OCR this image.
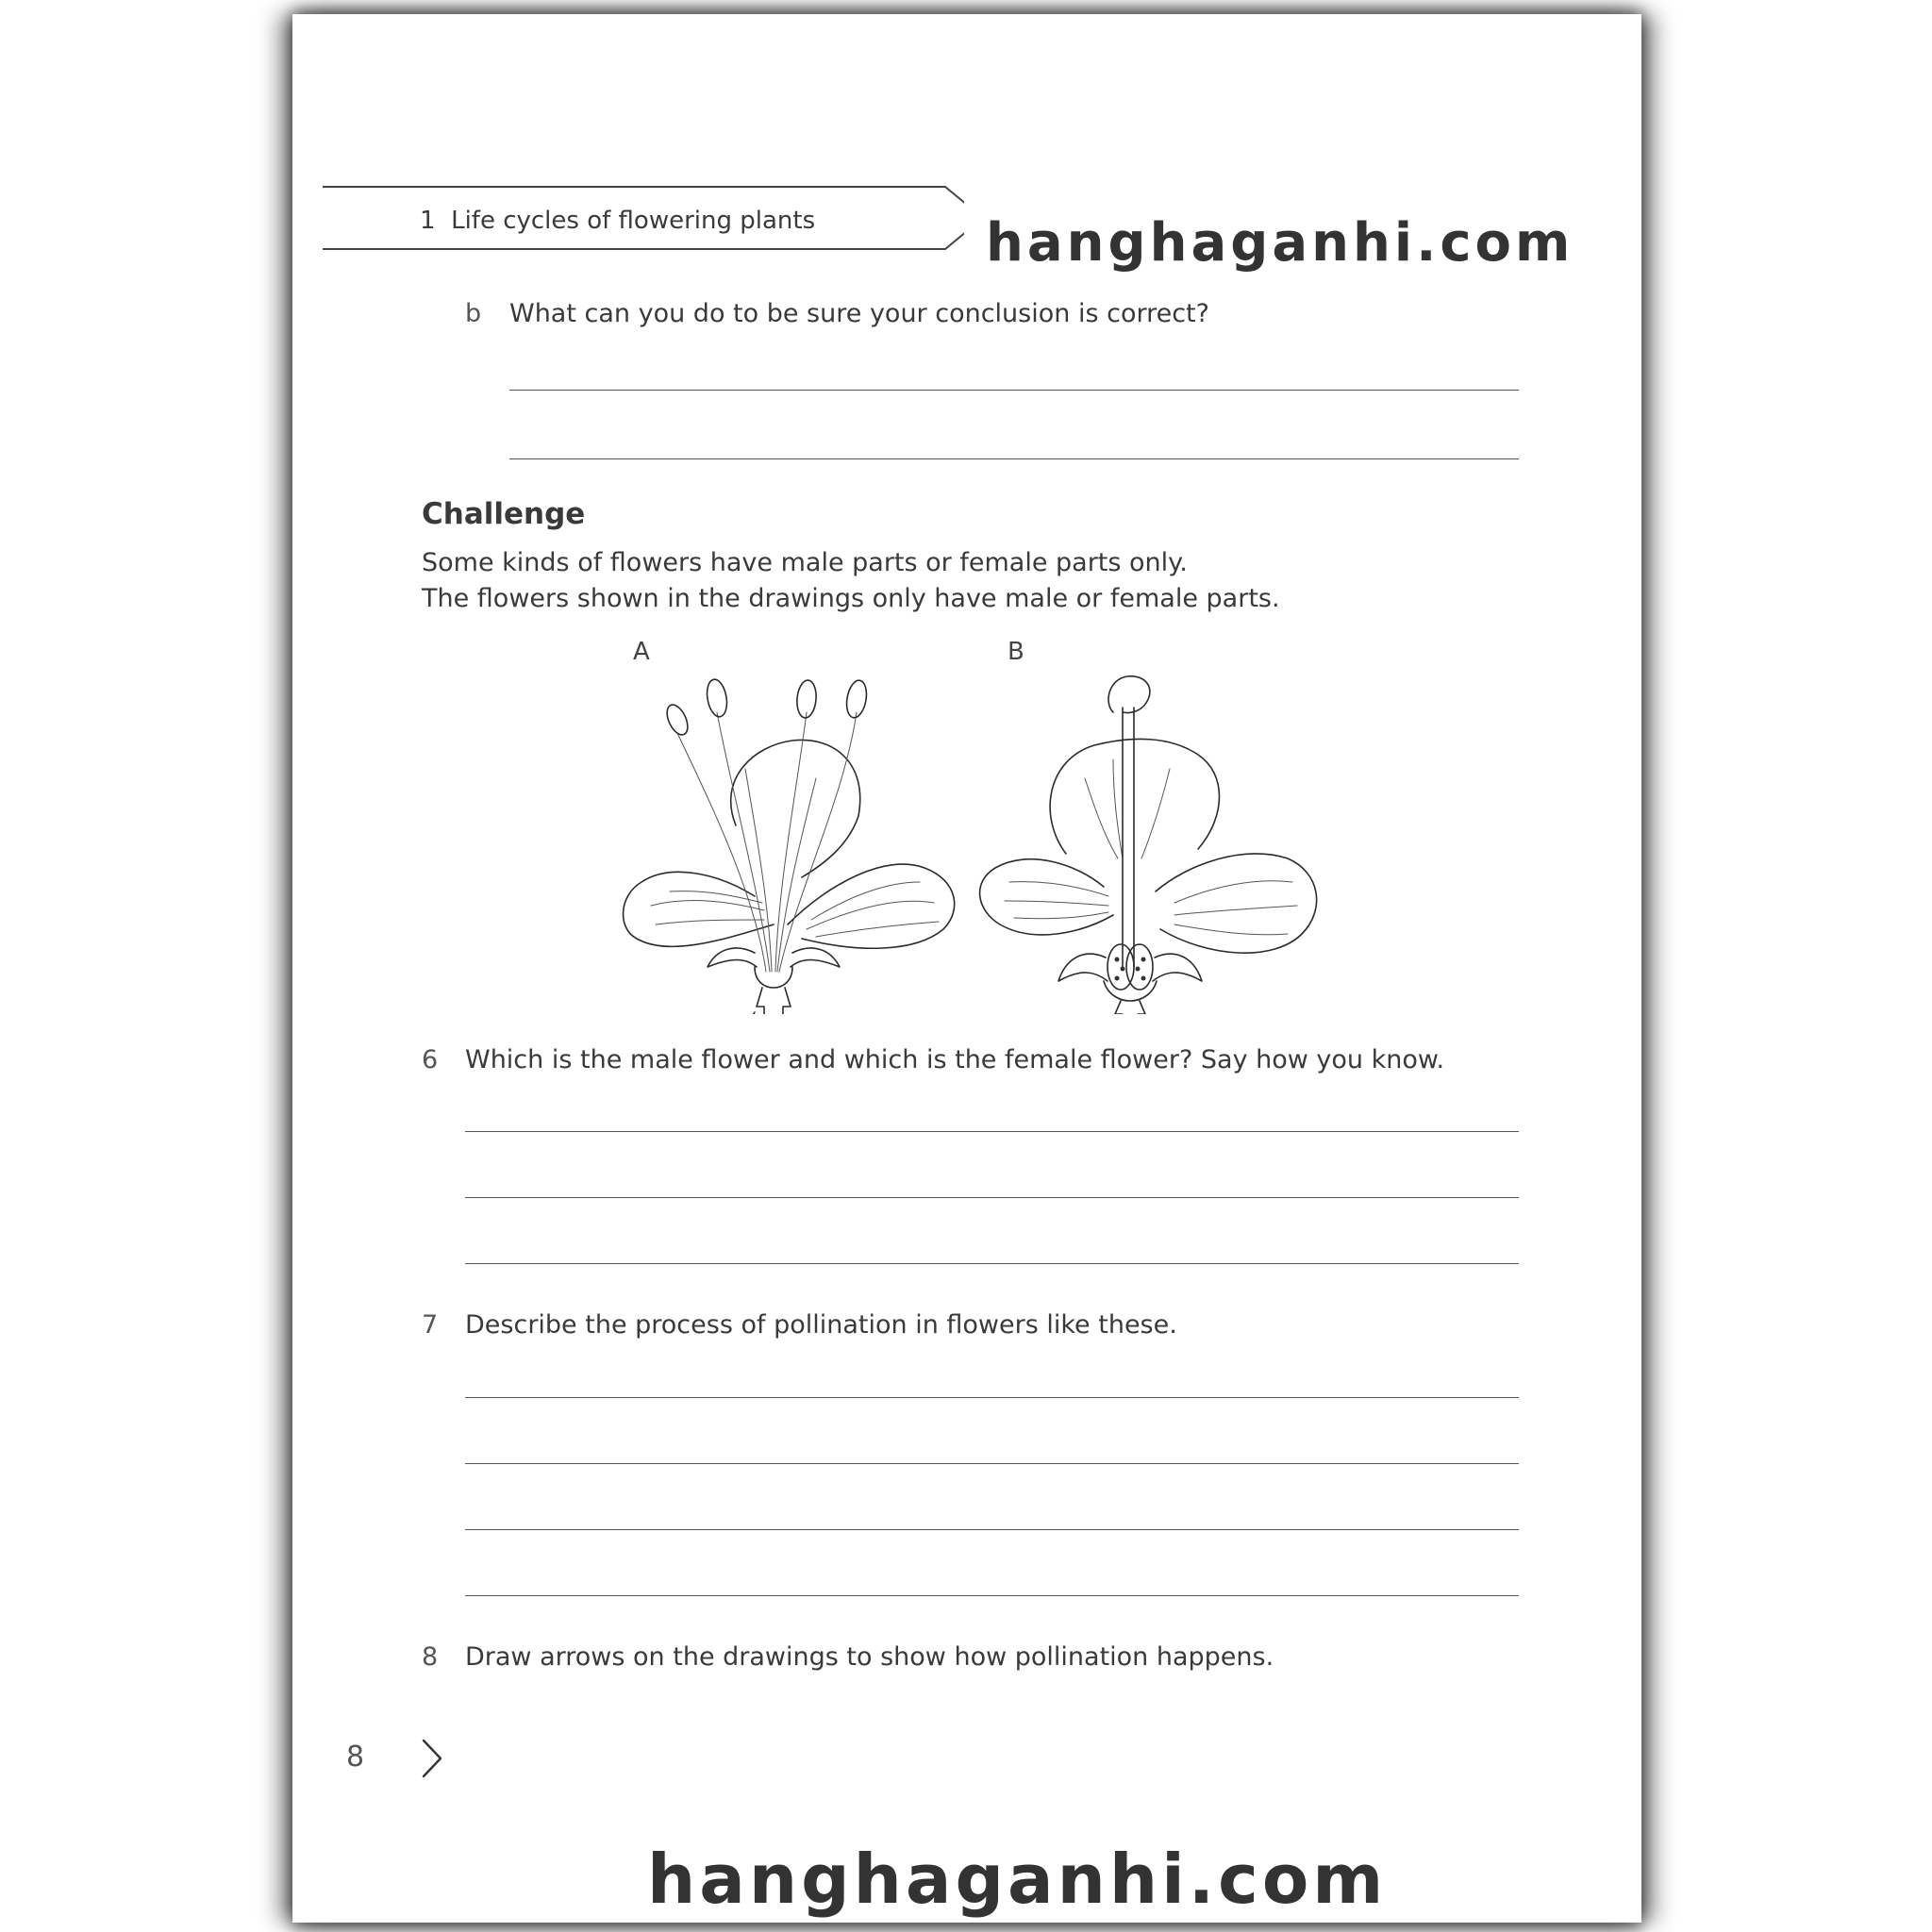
1 Life cycles of flowering plants	hanghaganhi.com
b What can you do to be sure your conclusion is correct?
Challenge
Some kinds of flowers have male parts or female parts only.
The flowers shown in the drawings only have male or female parts.
A	B
6 Which is the male flower and which is the female flower? Say how you know.
7 Describe the process of pollination in flowers like these.
8 Draw arrows on the drawings to show how pollination happens.
8
hanghaganhi.com
